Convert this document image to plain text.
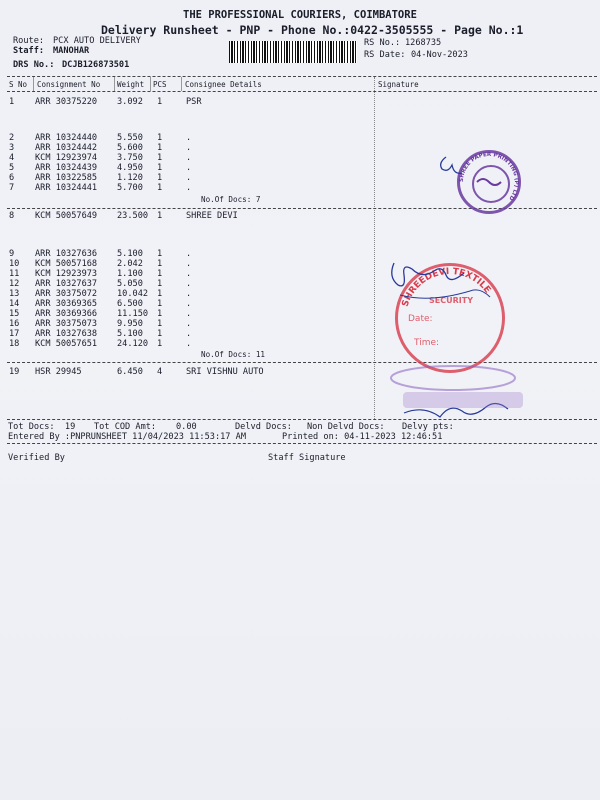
THE PROFESSIONAL COURIERS, COIMBATORE
Delivery Runsheet - PNP - Phone No.:0422-3505555 - Page No.:1
Route: PCX AUTO DELIVERY
Staff: MANOHAR
DRS No.: DCJB126873501
RS No.: 1268735
RS Date: 04-Nov-2023
S No Consignment No Weight PCS Consignee Details	Signature
1 ARR 30375220 3.092 1	PSR
2 ARR 10324440 5.550 1	.
3 ARR 10324442 5.600 1	.
4 KCM 12923974 3.750 1	.
5 ARR 10324439 4.950 1	.
6 ARR 10322585 1.120 1	.
7 ARR 10324441 5.700 1	.
No.Of Docs: 7
8 KCM 50057649 23.500 1	SHREE DEVI
9 ARR 10327636 5.100 1	.
10 KCM 50057168 2.042 1	.
11 KCM 12923973 1.100 1	.
12 ARR 10327637 5.050 1	.
13 ARR 30375072 10.042 1	.
14 ARR 30369365 6.500 1	.
15 ARR 30369366 11.150 1	.
16 ARR 30375073 9.950 1	.
17 ARR 10327638 5.100 1	.
18 KCM 50057651 24.120 1	.
No.Of Docs: 11
19 HSR 29945	6.450 4	SRI VISHNU AUTO
SHREE PAPER PRINTING (P) LTD
SECURITY
Date:
Time:
SHREEDEVI TEXTILE
Tot Docs:  19 Tot COD Amt: 0.00	Delvd Docs: Non Delvd Docs: Delvy pts:
Entered By :PNPRUNSHEET 11/04/2023 11:53:17 AM	Printed on: 04-11-2023 12:46:51
Verified By	Staff Signature
